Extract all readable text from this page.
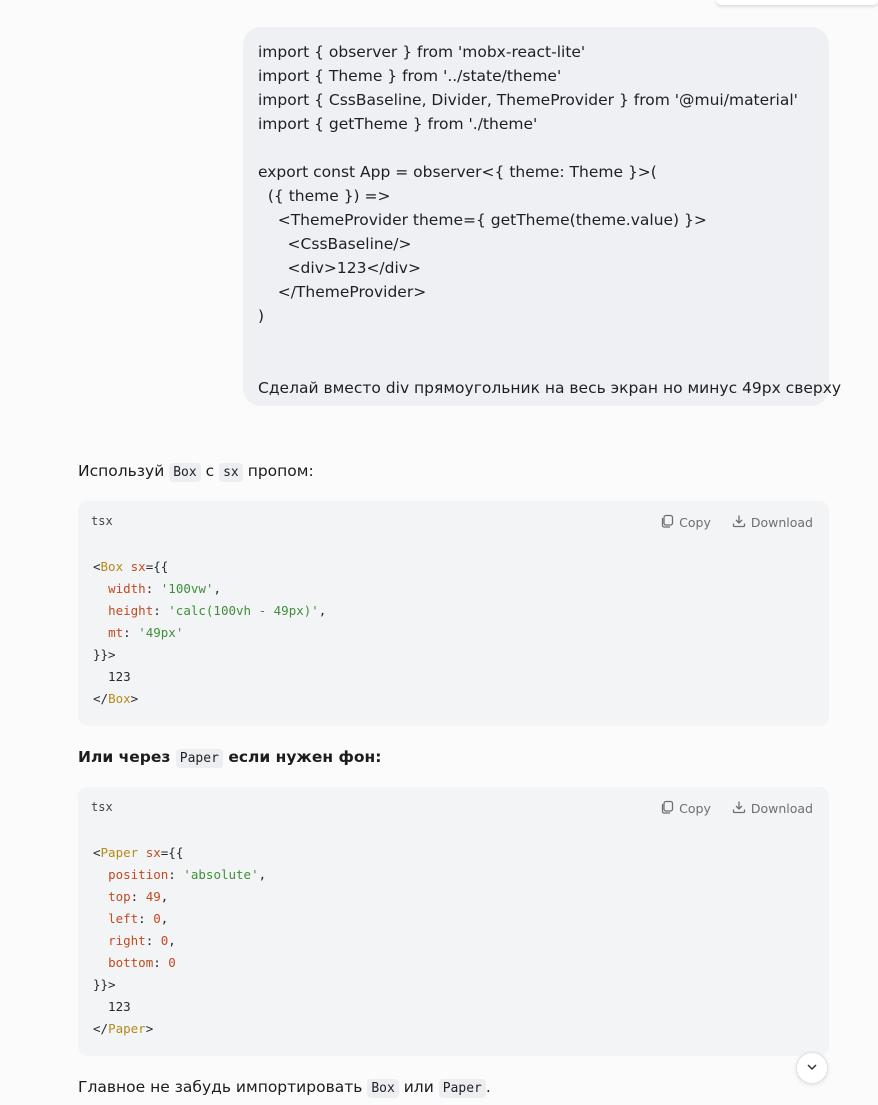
import { observer } from 'mobx-react-lite'
import { Theme } from '../state/theme'
import { CssBaseline, Divider, ThemeProvider } from '@mui/material'
import { getTheme } from './theme'
export const App = observer<{ theme: Theme }>(
({ theme }) =>
<ThemeProvider theme={ getTheme(theme.value) }>
<CssBaseline/>
<div>123</div>
</ThemeProvider>
)
Сделай вместо div прямоугольник на весь экран но минус 49px сверху
Используй Box с sx пропом:
tsx	Copy	Download
<Box sx={{
width: '100vw',
height: 'calc(100vh - 49px)',
mt: '49px'
}}>
123
</Box>
Или через Paper если нужен фон:
tsx	Copy	Download
<Paper sx={{
position: 'absolute',
top: 49,
left: 0,
right: 0,
bottom: 0
}}>
123
</Paper>
Главное не забудь импортировать Box или Paper .
